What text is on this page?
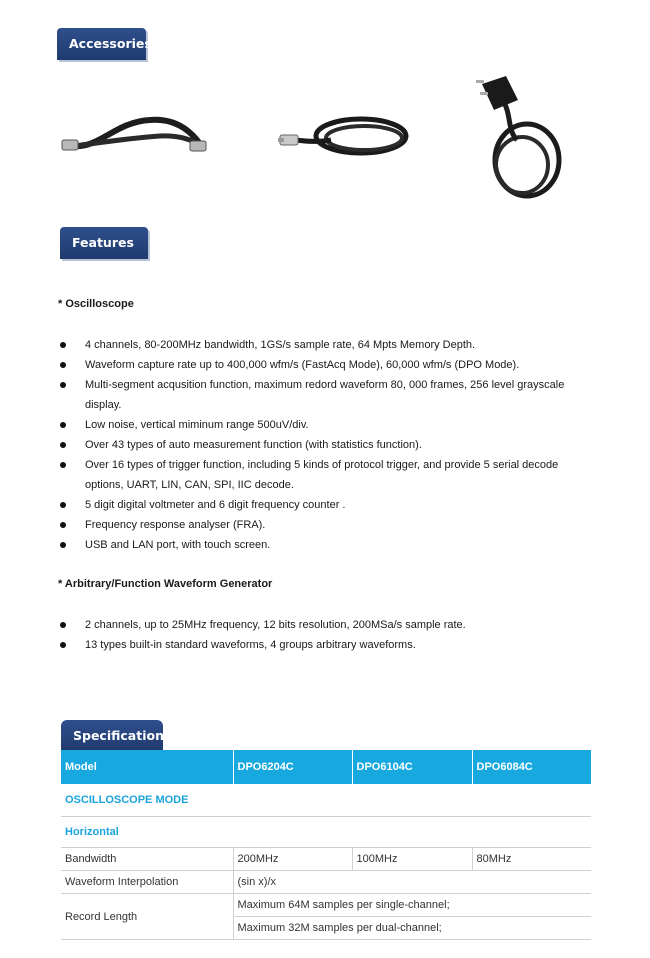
Accessories
Features
* Oscilloscope
4 channels, 80-200MHz bandwidth, 1GS/s sample rate, 64 Mpts Memory Depth.
Waveform capture rate up to 400,000 wfm/s (FastAcq Mode), 60,000 wfm/s (DPO Mode).
Multi-segment acqusition function, maximum redord waveform 80, 000 frames, 256 level grayscale display.
Low noise, vertical miminum range 500uV/div.
Over 43 types of auto measurement function (with statistics function).
Over 16 types of trigger function, including 5 kinds of protocol trigger, and provide 5 serial decode options, UART, LIN, CAN, SPI, IIC decode.
5 digit digital voltmeter and 6 digit frequency counter .
Frequency response analyser (FRA).
USB and LAN port, with touch screen.
* Arbitrary/Function Waveform Generator
2 channels, up to 25MHz frequency, 12 bits resolution, 200MSa/s sample rate.
13 types built-in standard waveforms, 4 groups arbitrary waveforms.
Specification
Model	DPO6204C	DPO6104C	DPO6084C
OSCILLOSCOPE MODE			
Horizontal			
Bandwidth	200MHz	100MHz	80MHz
Waveform Interpolation	(sin x)/x		
Record Length	Maximum 64M samples per single-channel;		
	Maximum 32M samples per dual-channel;		
